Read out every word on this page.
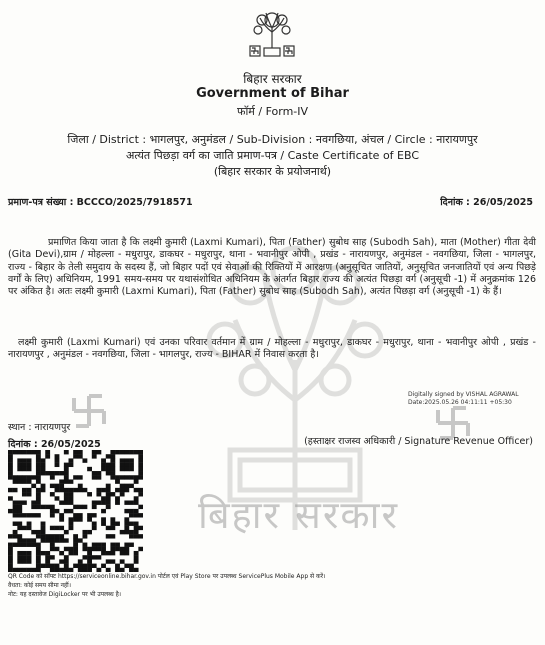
बिहार सरकार
बिहार सरकार
Government of Bihar
फॉर्म / Form-IV
जिला / District : भागलपुर, अनुमंडल / Sub-Division : नवगछिया, अंचल / Circle : नारायणपुर
अत्यंत पिछड़ा वर्ग का जाति प्रमाण-पत्र / Caste Certificate of EBC
(बिहार सरकार के प्रयोजनार्थ)
प्रमाण-पत्र संख्या : BCCCO/2025/7918571	दिनांक : 26/05/2025
प्रमाणित किया जाता है कि लक्ष्मी कुमारी (Laxmi Kumari), पिता (Father) सुबोध साह (Subodh Sah), माता (Mother) गीता देवी (Gita Devi),ग्राम / मोहल्ला - मधुरापुर, डाकघर - मधुरापुर, थाना - भवानीपुर ओपी , प्रखंड - नारायणपुर, अनुमंडल - नवगछिया, जिला - भागलपुर, राज्य - बिहार के तेली समुदाय के सदस्य हैं, जो बिहार पदों एवं सेवाओं की रिक्तियों में आरक्षण (अनुसूचित जातियों, अनुसूचित जनजातियों एवं अन्य पिछड़े वर्गों के लिए) अधिनियम, 1991 समय-समय पर यथासंशोधित अधिनियम के अंतर्गत बिहार राज्य की अत्यंत पिछड़ा वर्ग (अनुसूची -1) में अनुक्रमांक 126 पर अंकित है। अतः लक्ष्मी कुमारी (Laxmi Kumari), पिता (Father) सुबोध साह (Subodh Sah), अत्यंत पिछड़ा वर्ग (अनुसूची -1) के हैं।
लक्ष्मी कुमारी (Laxmi Kumari) एवं उनका परिवार वर्तमान में ग्राम / मोहल्ला - मधुरापुर, डाकघर - मधुरापुर, थाना - भवानीपुर ओपी , प्रखंड - नारायणपुर , अनुमंडल - नवगछिया, जिला - भागलपुर, राज्य - BIHAR में निवास करता है।
Digitally signed by VISHAL AGRAWAL
Date:2025.05.26 04:11:11 +05:30
स्थान : नारायणपुर
दिनांक : 26/05/2025	(हस्ताक्षर राजस्व अधिकारी / Signature Revenue Officer)
QR Code को सॉफ्ट https://serviceonline.bihar.gov.in पोर्टल एवं Play Store पर उपलब्ध ServicePlus Mobile App से करें।
वैधता: कोई समय सीमा नहीं।
नोट: यह दस्तावेज DigiLocker पर भी उपलब्ध है।
